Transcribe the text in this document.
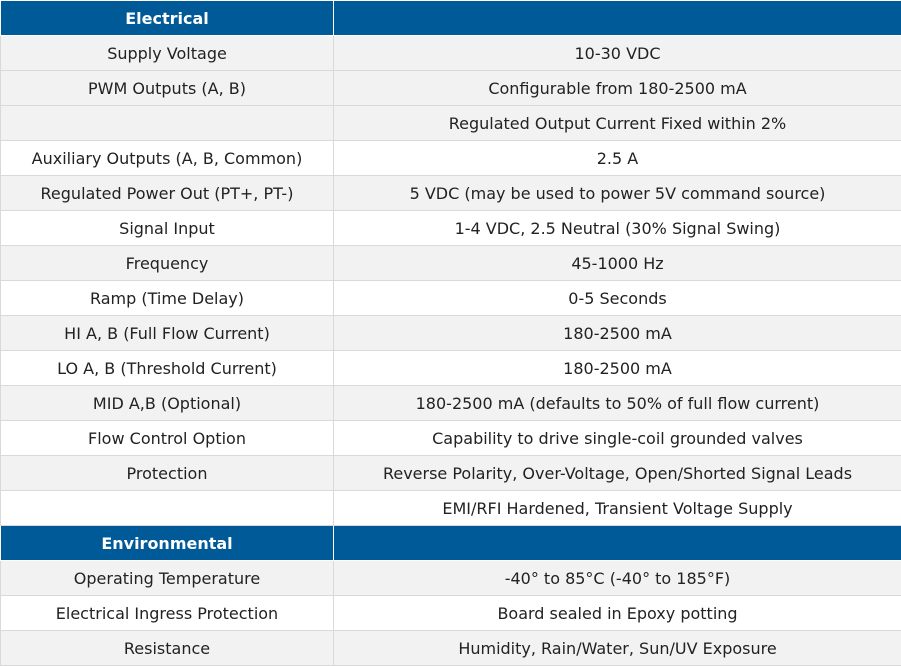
Electrical	
Supply Voltage	10-30 VDC
PWM Outputs (A, B)	Configurable from 180-2500 mA
	Regulated Output Current Fixed within 2%
Auxiliary Outputs (A, B, Common)	2.5 A
Regulated Power Out (PT+, PT-)	5 VDC (may be used to power 5V command source)
Signal Input	1-4 VDC, 2.5 Neutral (30% Signal Swing)
Frequency	45-1000 Hz
Ramp (Time Delay)	0-5 Seconds
HI A, B (Full Flow Current)	180-2500 mA
LO A, B (Threshold Current)	180-2500 mA
MID A,B (Optional)	180-2500 mA (defaults to 50% of full flow current)
Flow Control Option	Capability to drive single-coil grounded valves
Protection	Reverse Polarity, Over-Voltage, Open/Shorted Signal Leads
	EMI/RFI Hardened, Transient Voltage Supply
Environmental	
Operating Temperature	-40° to 85°C (-40° to 185°F)
Electrical Ingress Protection	Board sealed in Epoxy potting
Resistance	Humidity, Rain/Water, Sun/UV Exposure
